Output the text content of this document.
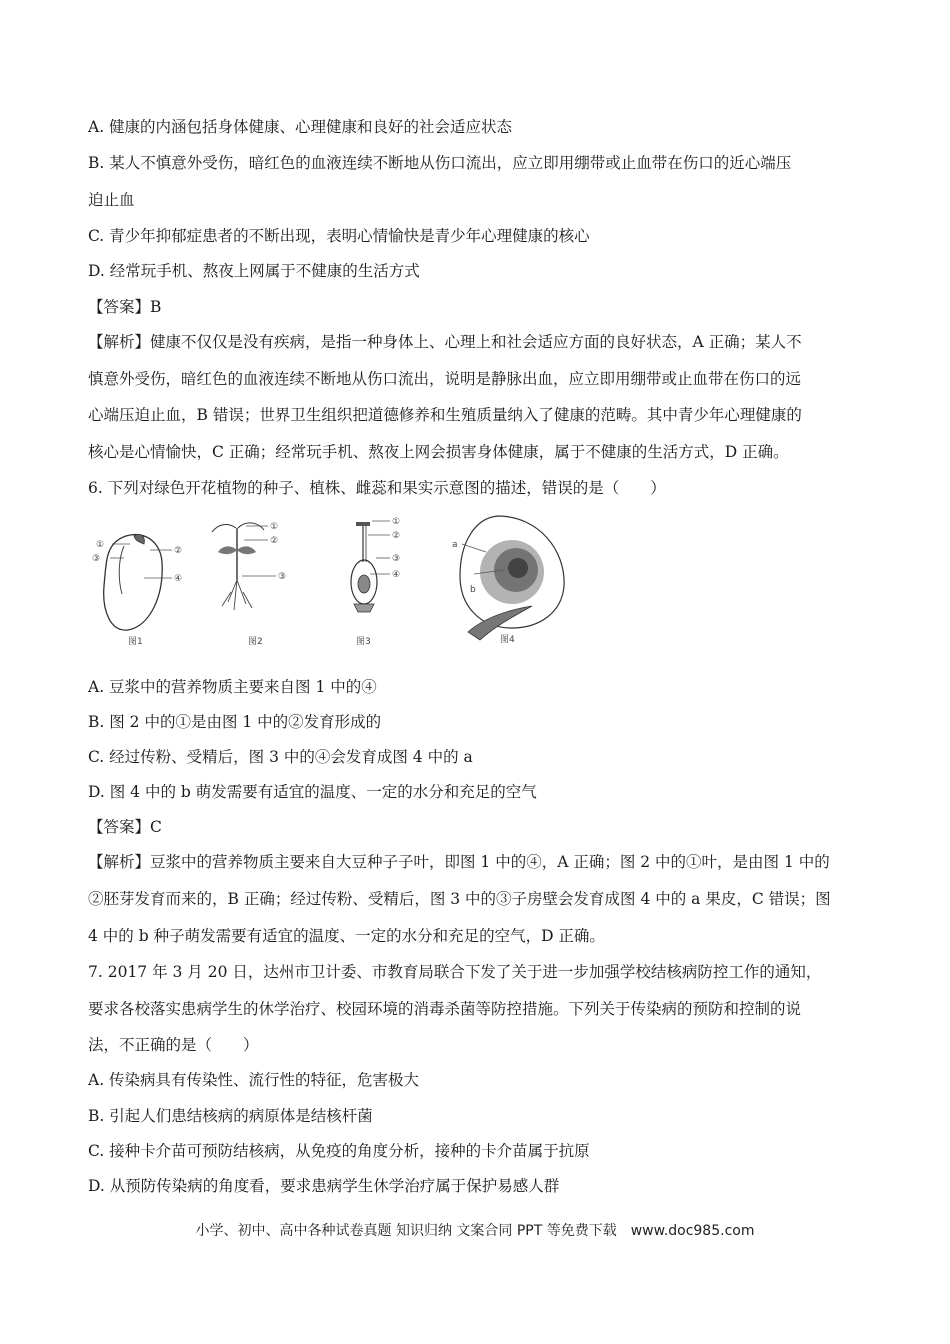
A. 健康的内涵包括身体健康、心理健康和良好的社会适应状态
B. 某人不慎意外受伤，暗红色的血液连续不断地从伤口流出，应立即用绷带或止血带在伤口的近心端压
迫止血
C. 青少年抑郁症患者的不断出现，表明心情愉快是青少年心理健康的核心
D. 经常玩手机、熬夜上网属于不健康的生活方式
【答案】B
【解析】健康不仅仅是没有疾病，是指一种身体上、心理上和社会适应方面的良好状态，A 正确；某人不
慎意外受伤，暗红色的血液连续不断地从伤口流出，说明是静脉出血，应立即用绷带或止血带在伤口的远
心端压迫止血，B 错误；世界卫生组织把道德修养和生殖质量纳入了健康的范畴。其中青少年心理健康的
核心是心情愉快，C 正确；经常玩手机、熬夜上网会损害身体健康，属于不健康的生活方式，D 正确。
6. 下列对绿色开花植物的种子、植株、雌蕊和果实示意图的描述，错误的是（　　）
①
③
②
④
图1
①
②
③
图2
①
②
③
④
图3
a
b
图4
A. 豆浆中的营养物质主要来自图 1 中的④
B. 图 2 中的①是由图 1 中的②发育形成的
C. 经过传粉、受精后，图 3 中的④会发育成图 4 中的 a
D. 图 4 中的 b 萌发需要有适宜的温度、一定的水分和充足的空气
【答案】C
【解析】豆浆中的营养物质主要来自大豆种子子叶，即图 1 中的④，A 正确；图 2 中的①叶，是由图 1 中的
②胚芽发育而来的，B 正确；经过传粉、受精后，图 3 中的③子房壁会发育成图 4 中的 a 果皮，C 错误；图
4 中的 b 种子萌发需要有适宜的温度、一定的水分和充足的空气，D 正确。
7. 2017 年 3 月 20 日，达州市卫计委、市教育局联合下发了关于进一步加强学校结核病防控工作的通知，
要求各校落实患病学生的休学治疗、校园环境的消毒杀菌等防控措施。下列关于传染病的预防和控制的说
法，不正确的是（　　）
A. 传染病具有传染性、流行性的特征，危害极大
B. 引起人们患结核病的病原体是结核杆菌
C. 接种卡介苗可预防结核病，从免疫的角度分析，接种的卡介苗属于抗原
D. 从预防传染病的角度看，要求患病学生休学治疗属于保护易感人群
小学、初中、高中各种试卷真题 知识归纳 文案合同 PPT 等免费下载　www.doc985.com
